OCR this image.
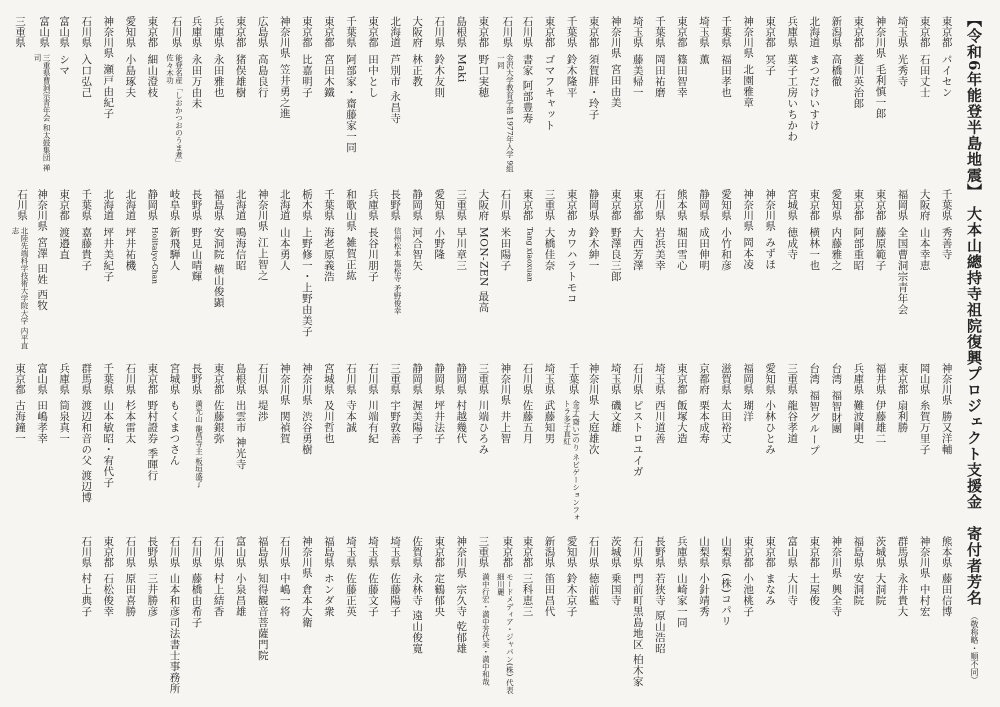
【令和6年能登半島地震】 大本山總持寺祖院復興プロジェクト支援金　寄付者芳名 （敬称略・順不同）
東京都
パイセン
千葉県
秀善寺
神奈川県
勝又洋輔
熊本県
藤田信博
東京都
石田丈士
大阪府
山本幸恵
岡山県
糸賀万里子
神奈川県
中村宏
埼玉県
光秀寺
福岡県
全国曹洞宗青年会
東京都
扇利勝
群馬県
永井貴大
神奈川県
毛利慎一郎
東京都
藤原範子
福井県
伊藤雄二
茨城県
大洞院
東京都
菱川英治郎
東京都
阿部重昭
兵庫県
難波剛史
福島県
安洞院
新潟県
高橋徹
愛知県
内藤雅之
台湾
福智財團
神奈川県
興全寺
北海道
まつだけいすけ
東京都
横林一也
台湾
福智グループ
東京都
土屋俊
兵庫県
菓子工房いちかわ
宮城県
徳成寺
三重県
龍谷孝道
富山県
大川寺
東京都
冥子
神奈川県
みずほ
愛知県
小林ひとみ
東京都
まなみ
神奈川県
北園雅章
神奈川県
岡本凌
福岡県
瑚洋
東京都
小池桃子
千葉県
福田孝也
愛知県
小竹和彦
滋賀県
太田裕丈
山梨県
(株)コパリ
埼玉県
薫
静岡県
成田伸明
京都府
栗本成寿
山梨県
小針靖秀
東京都
篠田智幸
熊本県
堀田雪心
東京都
飯塚大造
兵庫県
山崎家一同
千葉県
岡田祐磨
石川県
岩浜美幸
埼玉県
西川道善
長野県
若狭寺 原山浩昭
埼玉県
藤美帰一
東京都
大西芳澤
石川県
ピストロユイガ
石川県
門前町黒島地区 柏木家
神奈川県
宮田由美
東京都
野澤良三郎
埼玉県
磯文雄
茨城県
乗国寺
東京都
須賀胖・玲子
静岡県
鈴木紳一
神奈川県
大庭雄次
石川県
徳前藍
千葉県
鈴木隆平
東京都
カワハラトモコ
千葉県
金子(齋い)のり ネビゲーションフォトラ多子直紅
愛知県
鈴木京子
東京都
ゴマフキャット
三重県
大橋佳奈
埼玉県
武藤知男
新潟県
笛田昌代
石川県
書家 阿部豊寿
東京都
Tang xiaoxuan
石川県
佐藤五月
東京都
三科恵三
石川県
金沢大学教育学部 1977年入学 9組一同
石川県
米田陽子
神奈川県
井上智
東京都
モードメディア・ジャパン(株) 代表 細川麗
東京都
野口実穂
大阪府
MON-ZEN 最高
三重県
川端ひろみ
三重県
満中行宏・満中芳代美・満中和哉
島根県
Maki
三重県
早川章三
静岡県
村越幾代
神奈川県
宗久寺 乾郁雄
石川県
鈴木友則
愛知県
小野隆
静岡県
坪井法子
東京都
定鶴郁央
大阪府
林正教
静岡県
河合智矢
静岡県
渥美陽子
佐賀県
永林寺 遠山俊寛
北海道
芦別市 永昌寺
長野県
信州松本 塩松寺 矛野俊幸
三重県
宇野敦善
埼玉県
佐藤陽子
東京都
田中とし
兵庫県
長谷川朋子
石川県
川端有紀
埼玉県
佐藤文子
千葉県
阿部家・齋藤家一同
和歌山県
雑賀正紘
石川県
寺本誠
埼玉県
佐藤正英
東京都
宮田木鐵
千葉県
海老原義浩
宮城県
及川哲也
福島県
ホンダ衆
東京都
比嘉明子
栃木県
上野修一・上野由美子
神奈川県
渋谷勇樹
神奈川県
倉本大衛
神奈川県
笠井勇之進
北海道
山本勇人
神奈川県
関禎賀
石川県
中嶋一将
広島県
高島良行
神奈川県
江上智之
石川県
堤渉
福島県
知得観音菩薩門院
東京都
猪俣雄樹
北海道
鳴海信昭
島根県
出雲市 神光寺
富山県
小泉昌雄
兵庫県
永田雅也
福島県
安洞院 横山俊顕
東京都
佐藤銀弥
石川県
村上結香
兵庫県
永田万由未
長野県
野見山晴輝
長野県
満光山 龍昌寺主 板垣盛了
石川県
藤橋由希子
石川県
能登名産「しおかつおのうま煮」佐々木功
岐阜県
新飛騨人
宮城県
もくまつさん
石川県
山本和彦司法書士事務所
東京都
細山澄枝
静岡県
Holitaiyo-Chan
東京都
野村證券 季暉行
長野県
三井勝彦
愛知県
小島琢夫
北海道
坪井祐機
石川県
杉本雷太
石川県
原田喜勝
神奈川県
瀬戸由紀子
北海道
坪井美紀子
千葉県
山本敏昭・宥代子
東京都
石松俊幸
石川県
入口弘己
千葉県
嘉藤貴子
群馬県
渡辺和音の父 渡辺博
石川県
村上典子
富山県
シマ
東京都
渡邉直
兵庫県
筒泉真一
富山県
三重県曹洞宗青年会 和太鼓集団 禅司
神奈川県
宮澤 田姓 西牧
富山県
田嶋孝幸
三重県
石川県
北陸先端科学技術大学院大学 内平直志
東京都
古海鐘一
